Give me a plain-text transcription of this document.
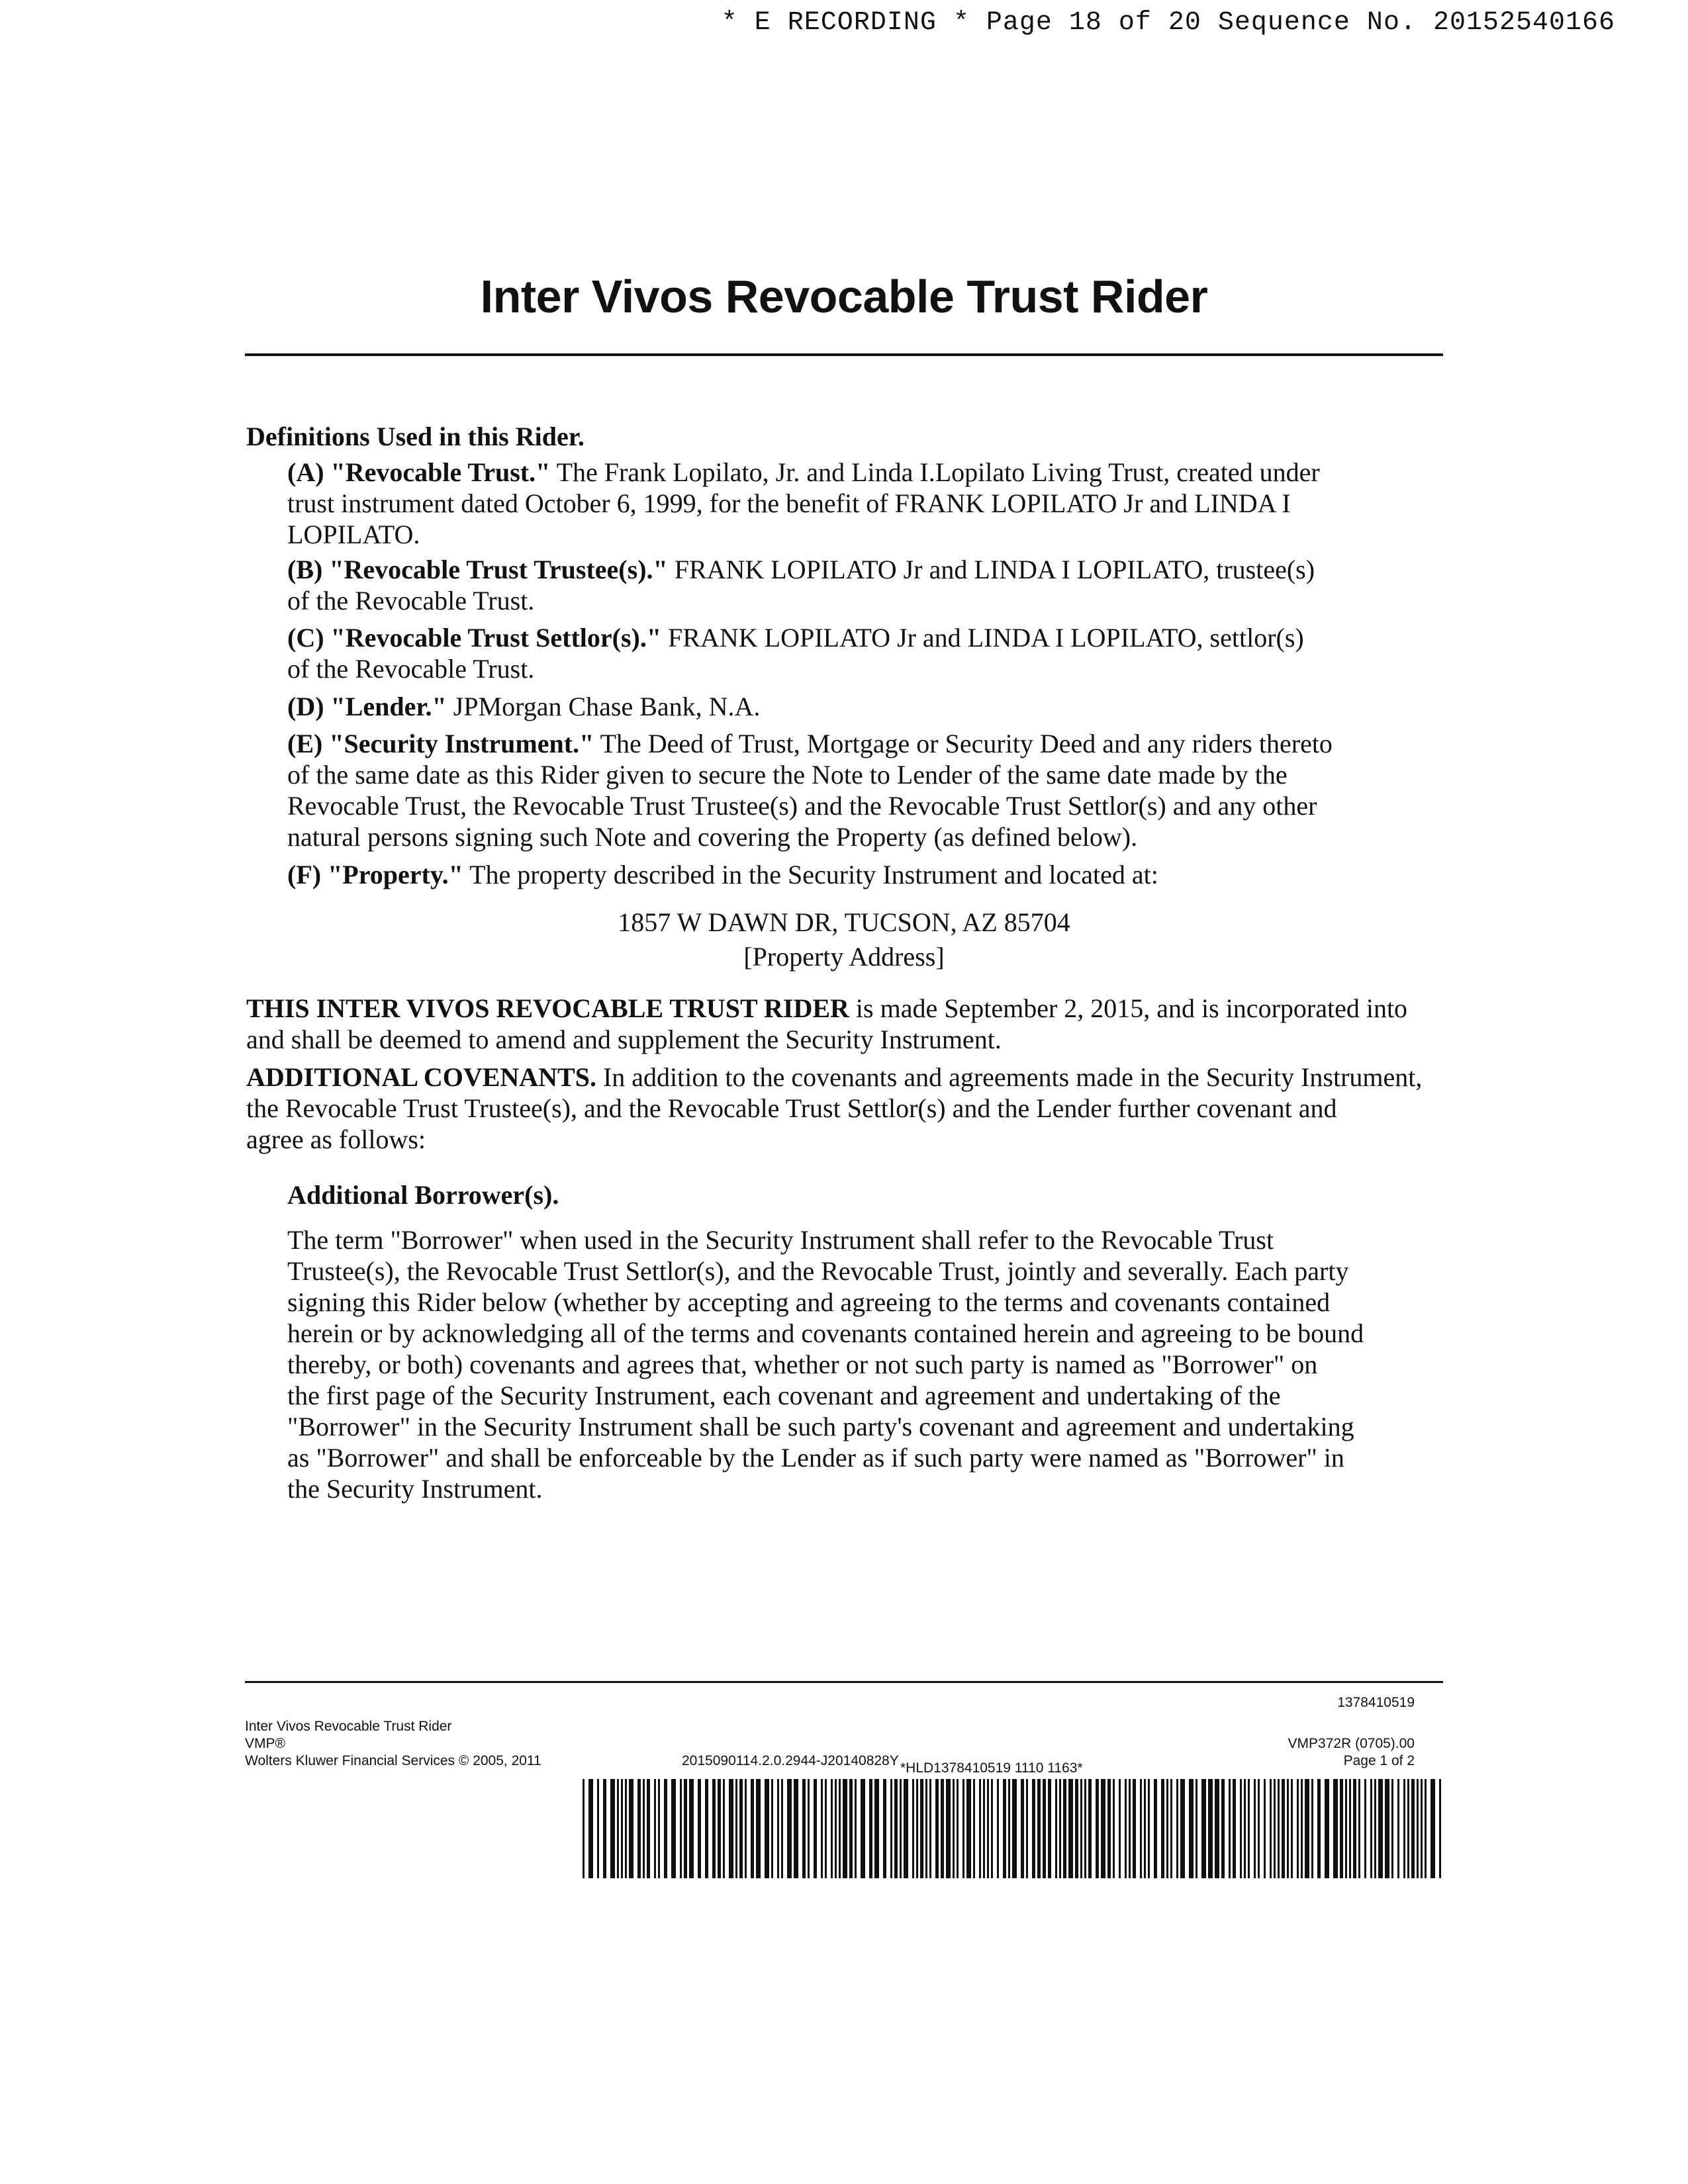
* E RECORDING * Page 18 of 20 Sequence No. 20152540166
Inter Vivos Revocable Trust Rider
Definitions Used in this Rider.
(A) "Revocable Trust." The Frank Lopilato, Jr. and Linda I.Lopilato Living Trust, created under
trust instrument dated October 6, 1999, for the benefit of FRANK LOPILATO Jr and LINDA I
LOPILATO.
(B) "Revocable Trust Trustee(s)." FRANK LOPILATO Jr and LINDA I LOPILATO, trustee(s)
of the Revocable Trust.
(C) "Revocable Trust Settlor(s)." FRANK LOPILATO Jr and LINDA I LOPILATO, settlor(s)
of the Revocable Trust.
(D) "Lender." JPMorgan Chase Bank, N.A.
(E) "Security Instrument." The Deed of Trust, Mortgage or Security Deed and any riders thereto
of the same date as this Rider given to secure the Note to Lender of the same date made by the
Revocable Trust, the Revocable Trust Trustee(s) and the Revocable Trust Settlor(s) and any other
natural persons signing such Note and covering the Property (as defined below).
(F) "Property." The property described in the Security Instrument and located at:
1857 W DAWN DR, TUCSON, AZ 85704
[Property Address]
THIS INTER VIVOS REVOCABLE TRUST RIDER is made September 2, 2015, and is incorporated into
and shall be deemed to amend and supplement the Security Instrument.
ADDITIONAL COVENANTS. In addition to the covenants and agreements made in the Security Instrument,
the Revocable Trust Trustee(s), and the Revocable Trust Settlor(s) and the Lender further covenant and
agree as follows:
Additional Borrower(s).
The term "Borrower" when used in the Security Instrument shall refer to the Revocable Trust
Trustee(s), the Revocable Trust Settlor(s), and the Revocable Trust, jointly and severally. Each party
signing this Rider below (whether by accepting and agreeing to the terms and covenants contained
herein or by acknowledging all of the terms and covenants contained herein and agreeing to be bound
thereby, or both) covenants and agrees that, whether or not such party is named as "Borrower" on
the first page of the Security Instrument, each covenant and agreement and undertaking of the
"Borrower" in the Security Instrument shall be such party's covenant and agreement and undertaking
as "Borrower" and shall be enforceable by the Lender as if such party were named as "Borrower" in
the Security Instrument.
1378410519
Inter Vivos Revocable Trust Rider
VMP®
Wolters Kluwer Financial Services © 2005, 2011	2015090114.2.0.2944-J20140828Y
VMP372R (0705).00
Page 1 of 2
*HLD1378410519 1110 1163*
